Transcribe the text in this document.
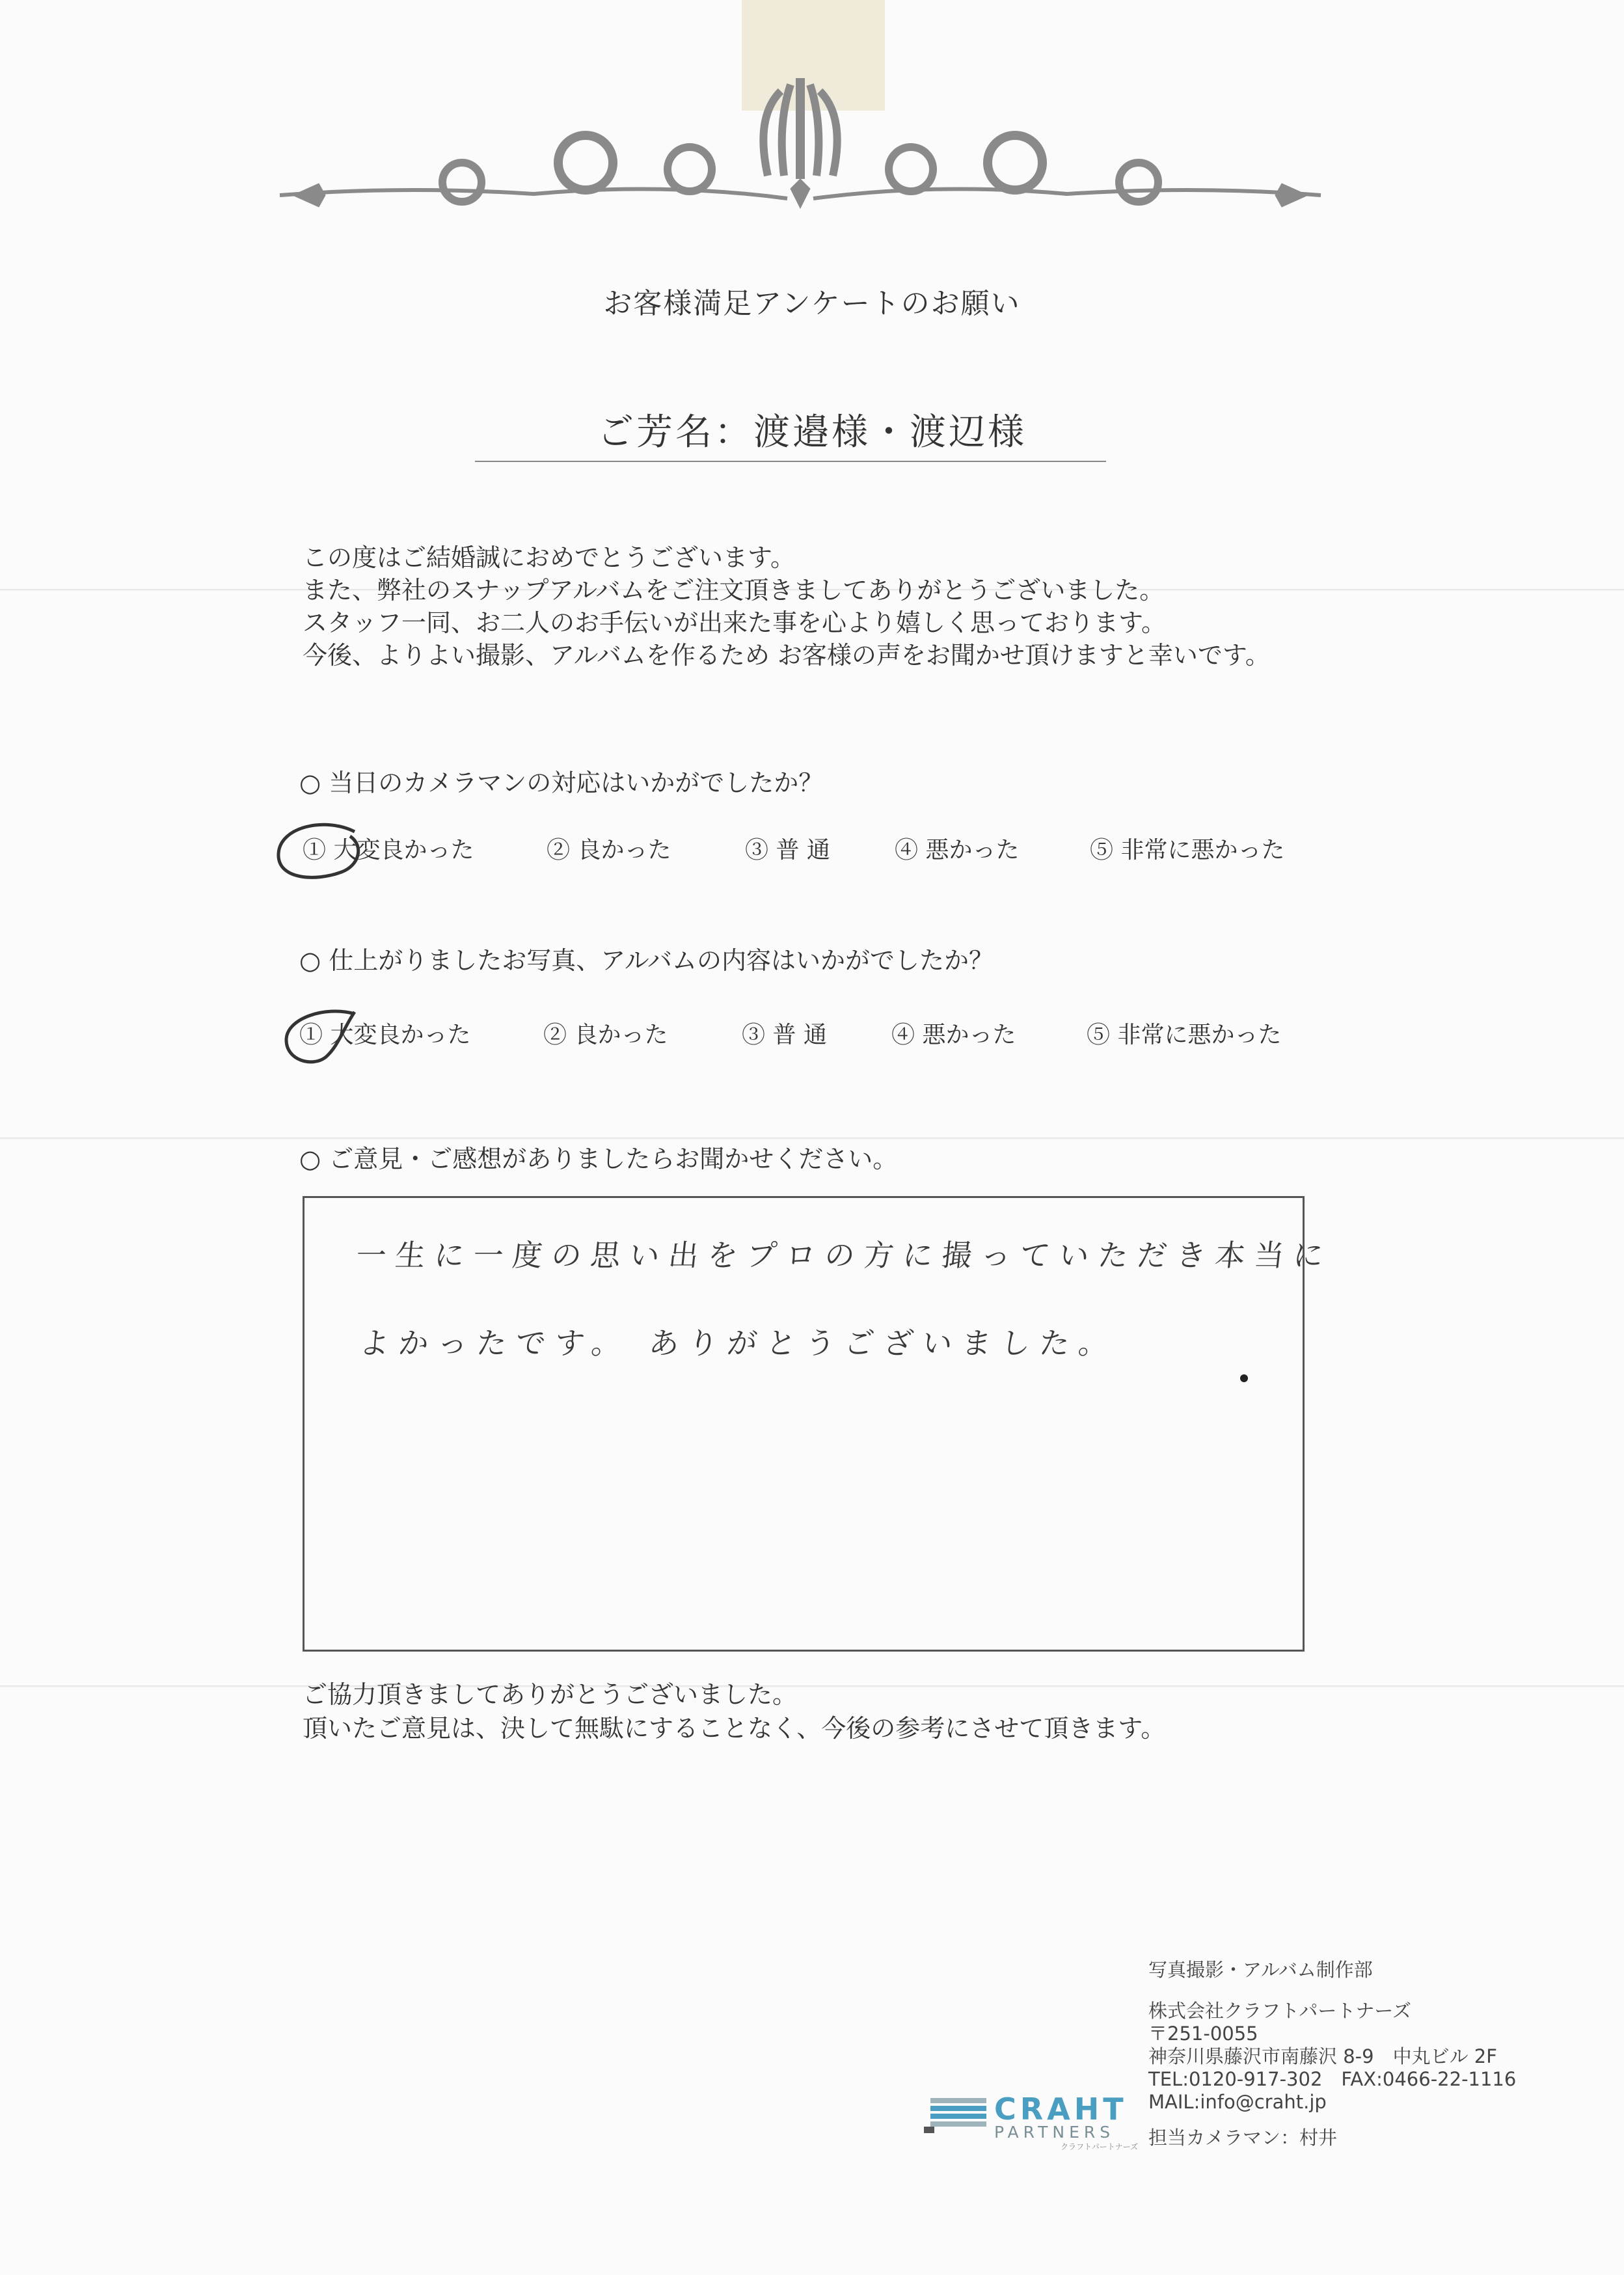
お客様満足アンケートのお願い
ご芳名：渡邉様・渡辺様
この度はご結婚誠におめでとうございます。
また、弊社のスナップアルバムをご注文頂きましてありがとうございました。
スタッフ一同、お二人のお手伝いが出来た事を心より嬉しく思っております。
今後、よりよい撮影、アルバムを作るため お客様の声をお聞かせ頂けますと幸いです。
○ 当日のカメラマンの対応はいかがでしたか？
① 大変良かった	② 良かった	③ 普 通	④ 悪かった	⑤ 非常に悪かった
○ 仕上がりましたお写真、アルバムの内容はいかがでしたか？
① 大変良かった	② 良かった	③ 普 通	④ 悪かった	⑤ 非常に悪かった
○ ご意見・ご感想がありましたらお聞かせください。
一生に一度の思い出をプロの方に撮っていただき本当に
よかったです。 ありがとうございました。
ご協力頂きましてありがとうございました。
頂いたご意見は、決して無駄にすることなく、今後の参考にさせて頂きます。
CRAHT
PARTNERS
クラフトパートナーズ
写真撮影・アルバム制作部
株式会社クラフトパートナーズ
〒251-0055
神奈川県藤沢市南藤沢 8-9　中丸ビル 2F
TEL:0120-917-302　FAX:0466-22-1116
MAIL:info@craht.jp
担当カメラマン：村井
